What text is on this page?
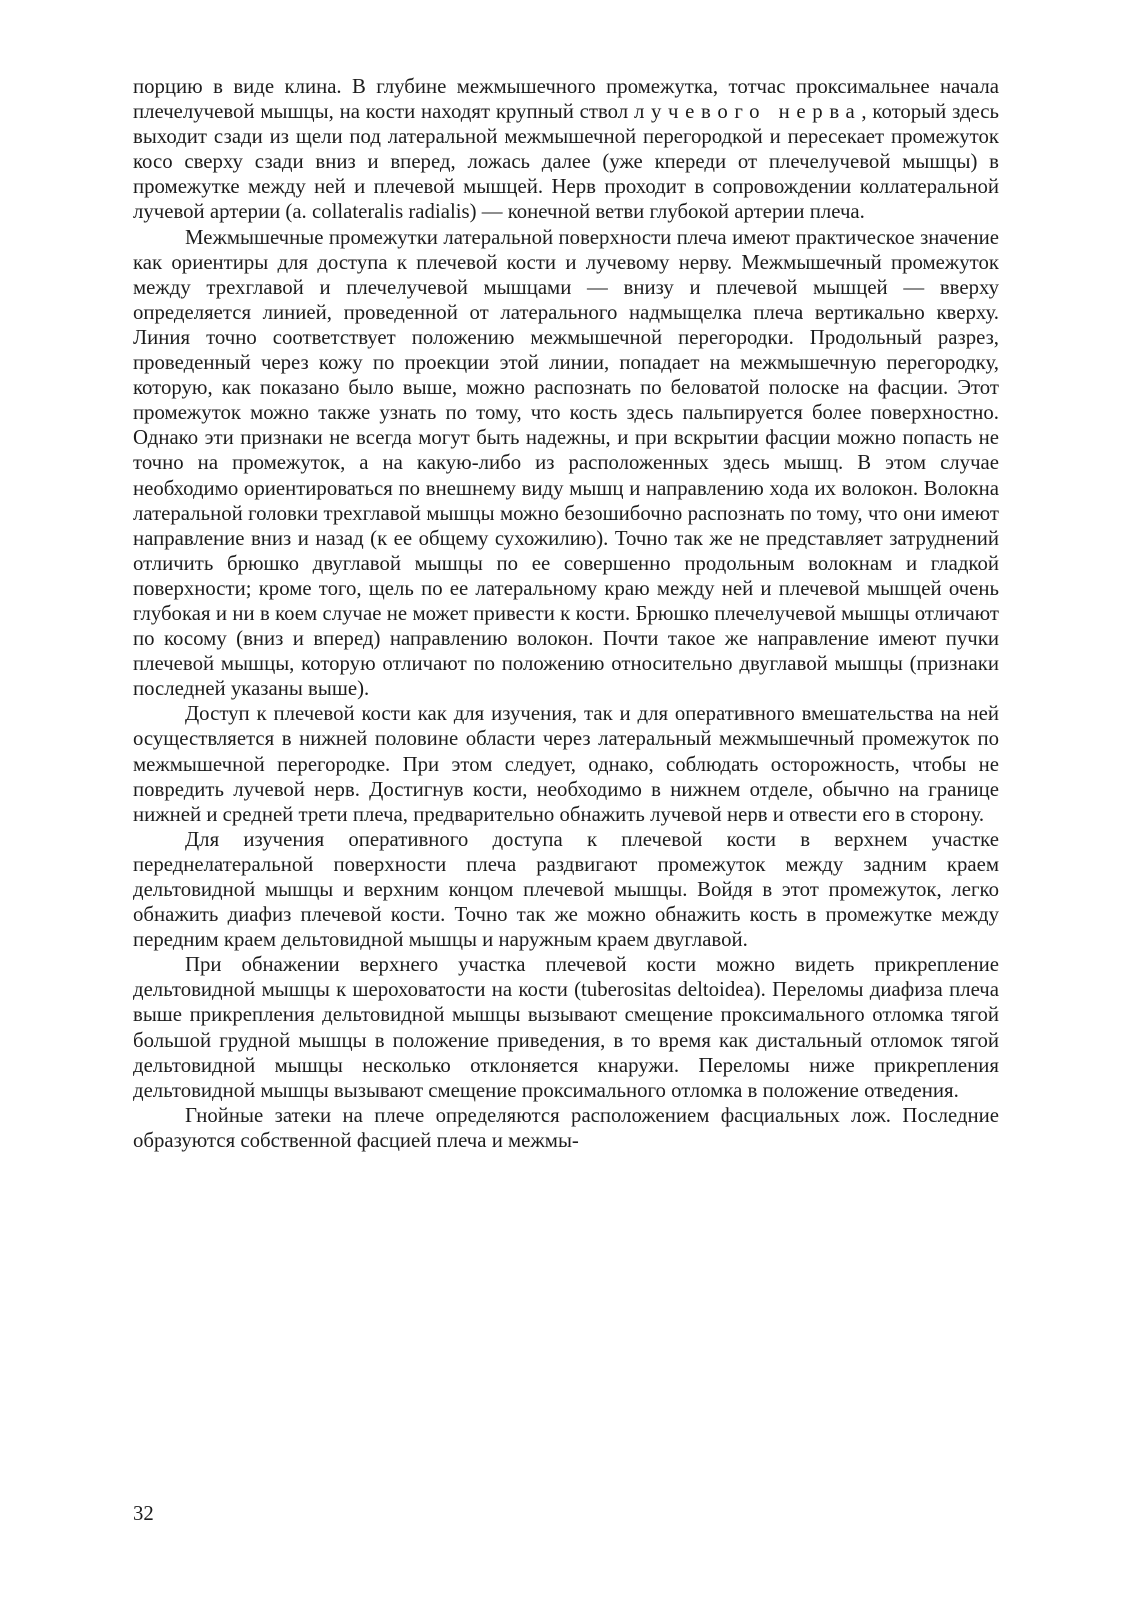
порцию в виде клина. В глубине межмышечного промежутка, тотчас проксимальнее начала плечелучевой мышцы, на кости находят крупный ствол лучевого нерва, который здесь выходит сзади из щели под латеральной межмышечной перегородкой и пересекает промежуток косо сверху сзади вниз и вперед, ложась далее (уже кпереди от плечелучевой мышцы) в промежутке между ней и плечевой мышцей. Нерв проходит в сопровождении коллатеральной лучевой артерии (a. collateralis radialis) — конечной ветви глубокой артерии плеча.

Межмышечные промежутки латеральной поверхности плеча имеют практическое значение как ориентиры для доступа к плечевой кости и лучевому нерву. Межмышечный промежуток между трехглавой и плечелучевой мышцами — внизу и плечевой мышцей — вверху определяется линией, проведенной от латерального надмыщелка плеча вертикально кверху. Линия точно соответствует положению межмышечной перегородки. Продольный разрез, проведенный через кожу по проекции этой линии, попадает на межмышечную перегородку, которую, как показано было выше, можно распознать по беловатой полоске на фасции. Этот промежуток можно также узнать по тому, что кость здесь пальпируется более поверхностно. Однако эти признаки не всегда могут быть надежны, и при вскрытии фасции можно попасть не точно на промежуток, а на какую-либо из расположенных здесь мышц. В этом случае необходимо ориентироваться по внешнему виду мышц и направлению хода их волокон. Волокна латеральной головки трехглавой мышцы можно безошибочно распознать по тому, что они имеют направление вниз и назад (к ее общему сухожилию). Точно так же не представляет затруднений отличить брюшко двуглавой мышцы по ее совершенно продольным волокнам и гладкой поверхности; кроме того, щель по ее латеральному краю между ней и плечевой мышцей очень глубокая и ни в коем случае не может привести к кости. Брюшко плечелучевой мышцы отличают по косому (вниз и вперед) направлению волокон. Почти такое же направление имеют пучки плечевой мышцы, которую отличают по положению относительно двуглавой мышцы (признаки последней указаны выше).

Доступ к плечевой кости как для изучения, так и для оперативного вмешательства на ней осуществляется в нижней половине области через латеральный межмышечный промежуток по межмышечной перегородке. При этом следует, однако, соблюдать осторожность, чтобы не повредить лучевой нерв. Достигнув кости, необходимо в нижнем отделе, обычно на границе нижней и средней трети плеча, предварительно обнажить лучевой нерв и отвести его в сторону.

Для изучения оперативного доступа к плечевой кости в верхнем участке переднелатеральной поверхности плеча раздвигают промежуток между задним краем дельтовидной мышцы и верхним концом плечевой мышцы. Войдя в этот промежуток, легко обнажить диафиз плечевой кости. Точно так же можно обнажить кость в промежутке между передним краем дельтовидной мышцы и наружным краем двуглавой.

При обнажении верхнего участка плечевой кости можно видеть прикрепление дельтовидной мышцы к шероховатости на кости (tuberositas deltoidea). Переломы диафиза плеча выше прикрепления дельтовидной мышцы вызывают смещение проксимального отломка тягой большой грудной мышцы в положение приведения, в то время как дистальный отломок тягой дельтовидной мышцы несколько отклоняется кнаружи. Переломы ниже прикрепления дельтовидной мышцы вызывают смещение проксимального отломка в положение отведения.

Гнойные затеки на плече определяются расположением фасциальных лож. Последние образуются собственной фасцией плеча и межмы-

32
